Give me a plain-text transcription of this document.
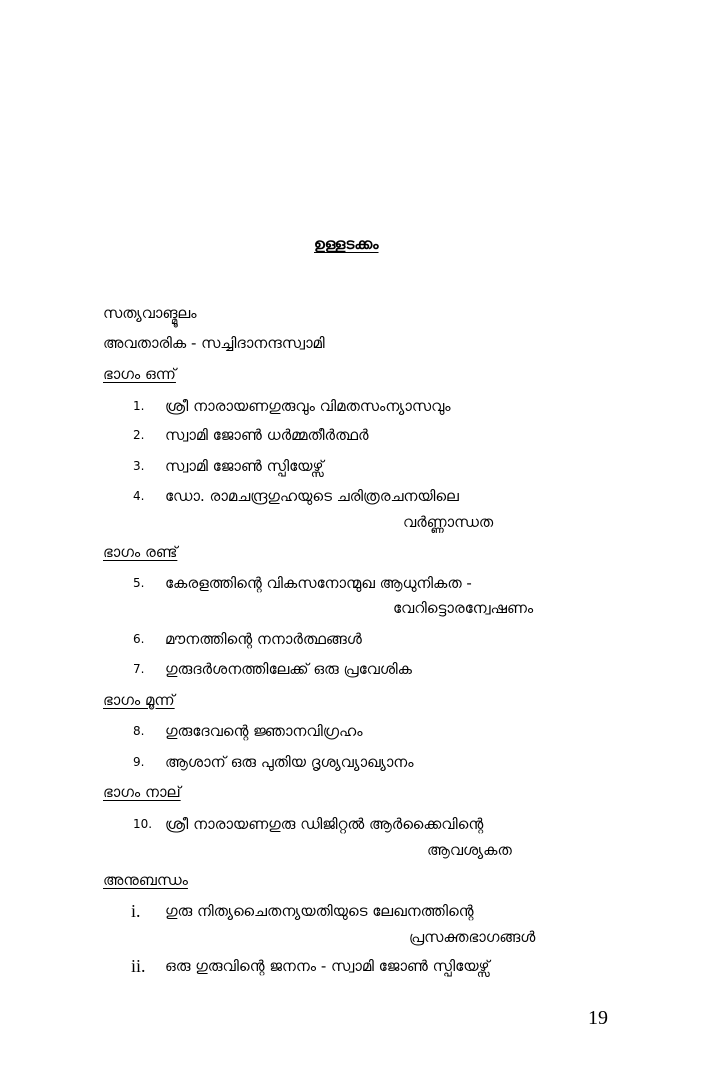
ഉള്ളടക്കം
സത്യവാങ്മൂലം
അവതാരിക - സച്ചിദാനന്ദസ്വാമി
ഭാഗം ഒന്ന്
1. ശ്രീ നാരായണഗുരുവും വിമതസംന്യാസവും
2. സ്വാമി ജോൺ ധർമ്മതീർത്ഥർ
3. സ്വാമി ജോൺ സ്പിയേഴ്സ്
4. ഡോ. രാമചന്ദ്രഗുഹയുടെ ചരിത്രരചനയിലെ
വർണ്ണാന്ധത
ഭാഗം രണ്ട്
5. കേരളത്തിന്റെ വികസനോന്മുഖ ആധുനികത -
വേറിട്ടൊരന്വേഷണം
6. മൗനത്തിന്റെ നനാർത്ഥങ്ങൾ
7. ഗുരുദർശനത്തിലേക്ക് ഒരു പ്രവേശിക
ഭാഗം മൂന്ന്
8. ഗുരുദേവന്റെ ജ്ഞാനവിഗ്രഹം
9. ആശാന് ഒരു പുതിയ ദൃശ്യവ്യാഖ്യാനം
ഭാഗം നാല്
10. ശ്രീ നാരായണഗുരു ഡിജിറ്റൽ ആർക്കൈവിന്റെ
ആവശ്യകത
അനുബന്ധം
i. ഗുരു നിത്യചൈതന്യയതിയുടെ ലേഖനത്തിന്റെ
പ്രസക്തഭാഗങ്ങൾ
ii. ഒരു ഗുരുവിന്റെ ജനനം - സ്വാമി ജോൺ സ്പിയേഴ്സ്
19
